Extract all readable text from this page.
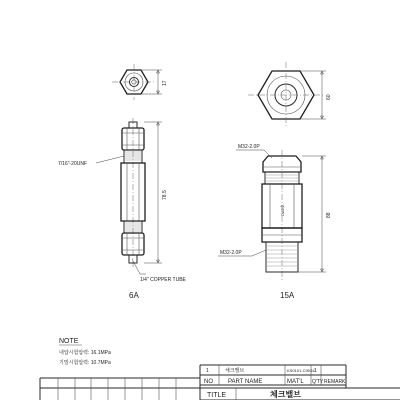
17
78.5
7/16"-20UNF
1/4" COPPER TUBE
6A
60
DA5호	88
M32-2.0P
M32-2.0P
15A
NOTE
내압시험압력: 16.1MPa
기밀시험압력: 10.7MPa
1	체크밸브	KS0101-CISO4 1
NO	PART NAME	MAT'L Q'TY REMARK
TITLE	체크밸브
